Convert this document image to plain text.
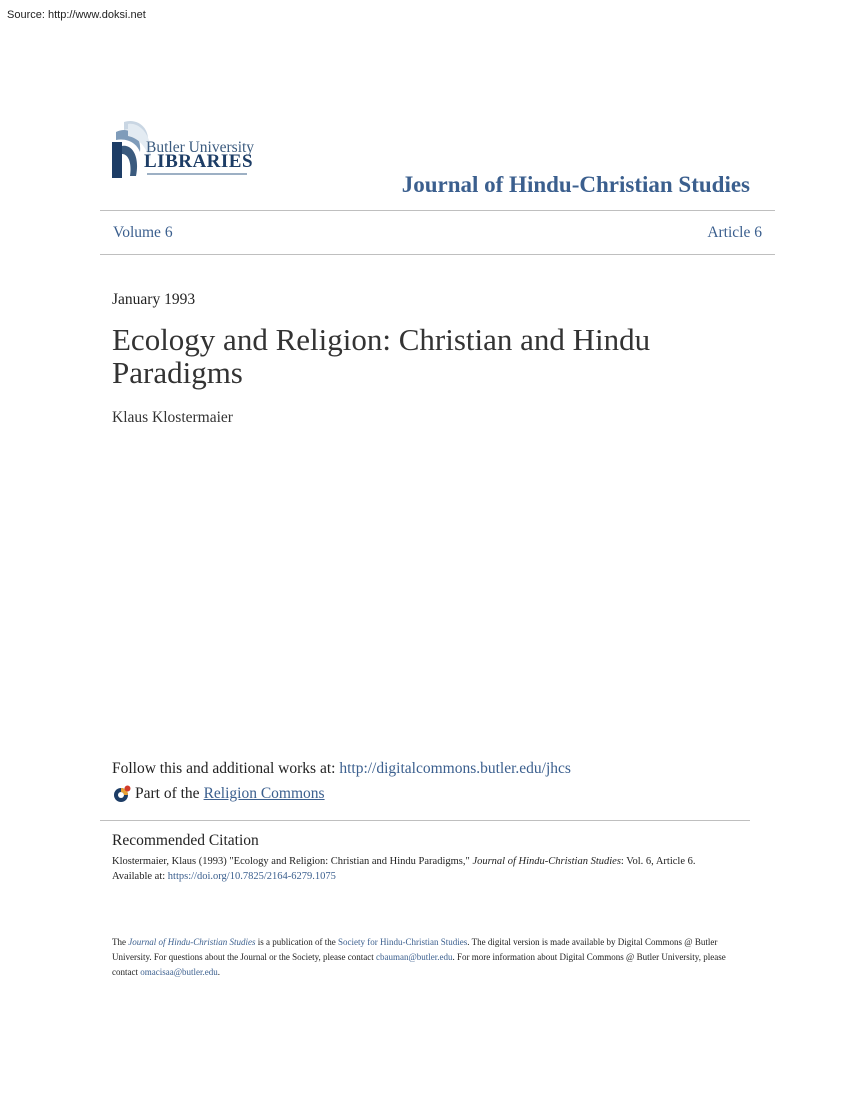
Source: http://www.doksi.net
Butler University
LIBRARIES
Journal of Hindu-Christian Studies
Volume 6	Article 6
January 1993
Ecology and Religion: Christian and Hindu Paradigms
Klaus Klostermaier
Follow this and additional works at: http://digitalcommons.butler.edu/jhcs
Part of the Religion Commons
Recommended Citation
Klostermaier, Klaus (1993) "Ecology and Religion: Christian and Hindu Paradigms," Journal of Hindu-Christian Studies: Vol. 6, Article 6.
Available at: https://doi.org/10.7825/2164-6279.1075
The Journal of Hindu-Christian Studies is a publication of the Society for Hindu-Christian Studies. The digital version is made available by Digital Commons @ Butler University. For questions about the Journal or the Society, please contact cbauman@butler.edu. For more information about Digital Commons @ Butler University, please contact omacisaa@butler.edu.
